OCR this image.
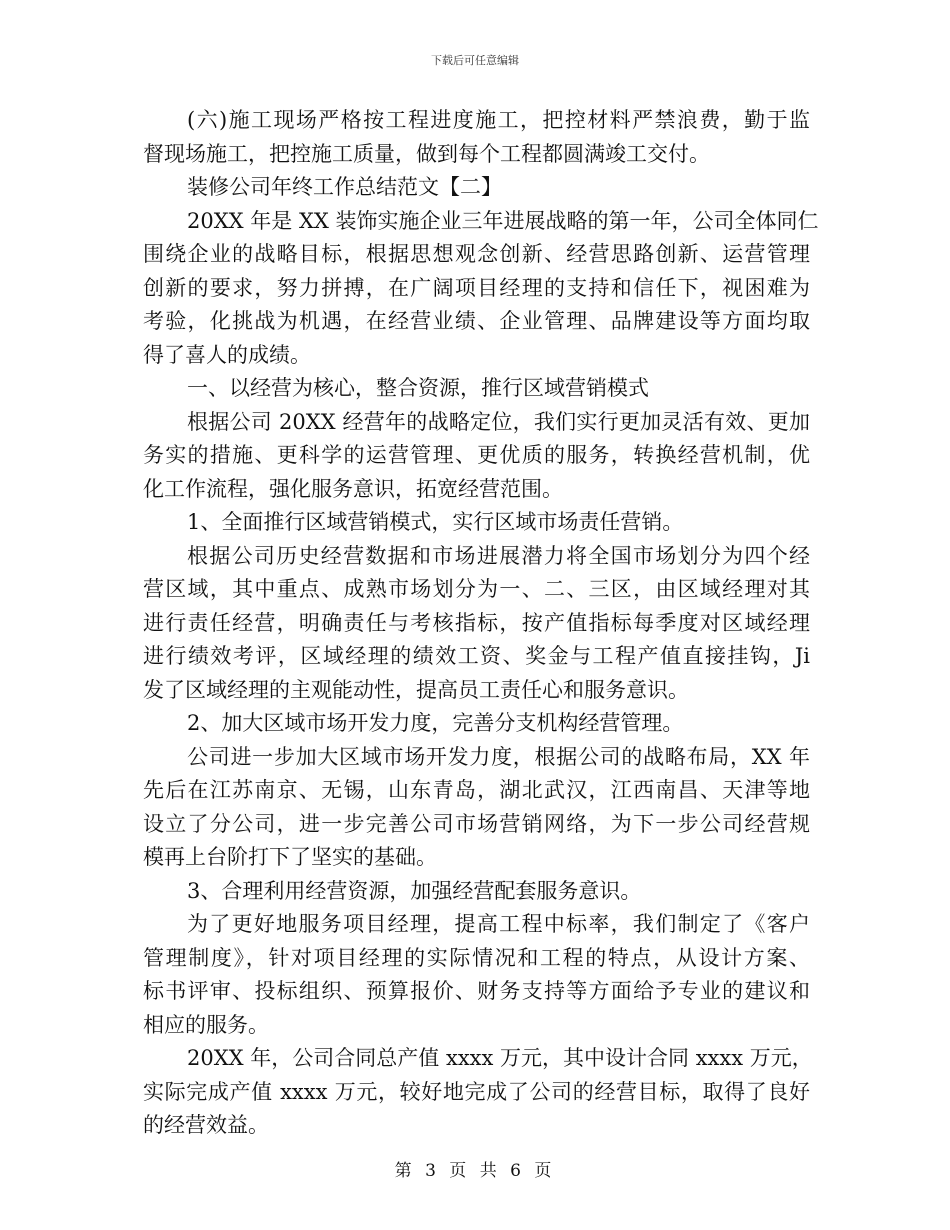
下载后可任意编辑
(六)施工现场严格按工程进度施工，把控材料严禁浪费，勤于监
督现场施工，把控施工质量，做到每个工程都圆满竣工交付。
装修公司年终工作总结范文【二】
20XX 年是 XX 装饰实施企业三年进展战略的第一年，公司全体同仁
围绕企业的战略目标，根据思想观念创新、经营思路创新、运营管理
创新的要求，努力拼搏，在广阔项目经理的支持和信任下，视困难为
考验，化挑战为机遇，在经营业绩、企业管理、品牌建设等方面均取
得了喜人的成绩。
一、以经营为核心，整合资源，推行区域营销模式
根据公司 20XX 经营年的战略定位，我们实行更加灵活有效、更加
务实的措施、更科学的运营管理、更优质的服务，转换经营机制，优
化工作流程，强化服务意识，拓宽经营范围。
1、全面推行区域营销模式，实行区域市场责任营销。
根据公司历史经营数据和市场进展潜力将全国市场划分为四个经
营区域，其中重点、成熟市场划分为一、二、三区，由区域经理对其
进行责任经营，明确责任与考核指标，按产值指标每季度对区域经理
进行绩效考评，区域经理的绩效工资、奖金与工程产值直接挂钩，Ji
发了区域经理的主观能动性，提高员工责任心和服务意识。
2、加大区域市场开发力度，完善分支机构经营管理。
公司进一步加大区域市场开发力度，根据公司的战略布局，XX 年
先后在江苏南京、无锡，山东青岛，湖北武汉，江西南昌、天津等地
设立了分公司，进一步完善公司市场营销网络，为下一步公司经营规
模再上台阶打下了坚实的基础。
3、合理利用经营资源，加强经营配套服务意识。
为了更好地服务项目经理，提高工程中标率，我们制定了《客户
管理制度》，针对项目经理的实际情况和工程的特点，从设计方案、
标书评审、投标组织、预算报价、财务支持等方面给予专业的建议和
相应的服务。
20XX 年，公司合同总产值 xxxx 万元，其中设计合同 xxxx 万元，
实际完成产值 xxxx 万元，较好地完成了公司的经营目标，取得了良好
的经营效益。
第 3 页 共 6 页
